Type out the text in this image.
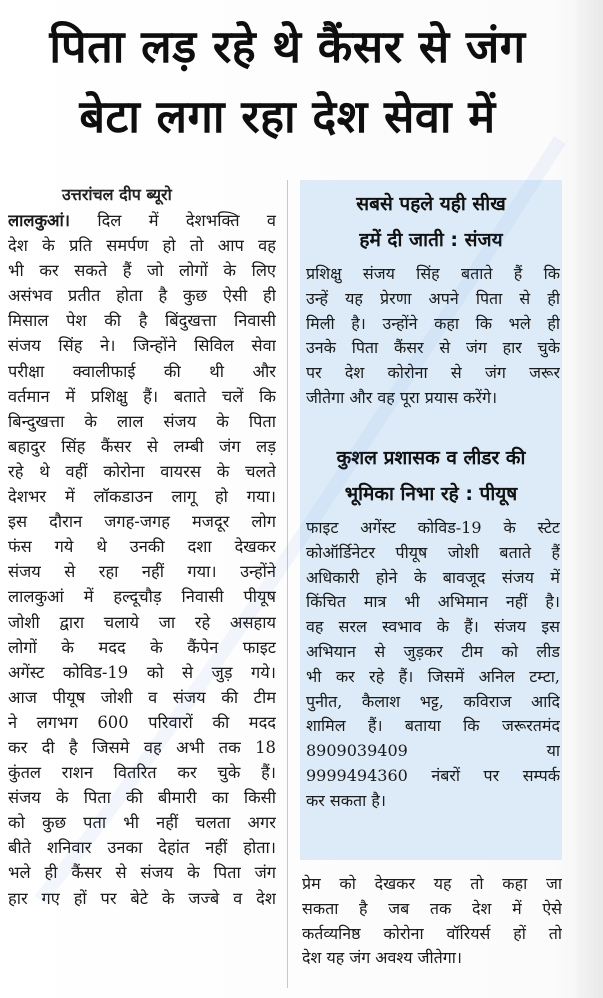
पिता लड़ रहे थे कैंसर से जंग
बेटा लगा रहा देश सेवा में
उत्तरांचल दीप ब्यूरो
लालकुआं। दिल में देशभक्ति व
देश के प्रति समर्पण हो तो आप वह
भी कर सकते हैं जो लोगों के लिए
असंभव प्रतीत होता है कुछ ऐसी ही
मिसाल पेश की है बिंदुखत्ता निवासी
संजय सिंह ने। जिन्होंने सिविल सेवा
परीक्षा क्वालीफाई की थी और
वर्तमान में प्रशिक्षु हैं। बताते चलें कि
बिन्दुखत्ता के लाल संजय के पिता
बहादुर सिंह कैंसर से लम्बी जंग लड़
रहे थे वहीं कोरोना वायरस के चलते
देशभर में लॉकडाउन लागू हो गया।
इस दौरान जगह-जगह मजदूर लोग
फंस गये थे उनकी दशा देखकर
संजय से रहा नहीं गया। उन्होंने
लालकुआं में हल्दूचौड़ निवासी पीयूष
जोशी द्वारा चलाये जा रहे असहाय
लोगों के मदद के कैंपेन फाइट
अगेंस्ट कोविड-19 को से जुड़ गये।
आज पीयूष जोशी व संजय की टीम
ने लगभग 600 परिवारों की मदद
कर दी है जिसमे वह अभी तक 18
कुंतल राशन वितरित कर चुके हैं।
संजय के पिता की बीमारी का किसी
को कुछ पता भी नहीं चलता अगर
बीते शनिवार उनका देहांत नहीं होता।
भले ही कैंसर से संजय के पिता जंग
हार गए हों पर बेटे के जज्बे व देश
सबसे पहले यही सीख
हमें दी जाती : संजय
प्रशिक्षु संजय सिंह बताते हैं कि
उन्हें यह प्रेरणा अपने पिता से ही
मिली है। उन्होंने कहा कि भले ही
उनके पिता कैंसर से जंग हार चुके
पर देश कोरोना से जंग जरूर
जीतेगा और वह पूरा प्रयास करेंगे।
कुशल प्रशासक व लीडर की
भूमिका निभा रहे : पीयूष
फाइट अगेंस्ट कोविड-19 के स्टेट
कोऑर्डिनेटर पीयूष जोशी बताते हैं
अधिकारी होने के बावजूद संजय में
किंचित मात्र भी अभिमान नहीं है।
वह सरल स्वभाव के हैं। संजय इस
अभियान से जुड़कर टीम को लीड
भी कर रहे हैं। जिसमें अनिल टम्टा,
पुनीत, कैलाश भट्ट, कविराज आदि
शामिल हैं। बताया कि जरूरतमंद
8909039409          या
9999494360 नंबरों पर सम्पर्क
कर सकता है।
प्रेम को देखकर यह तो कहा जा
सकता है जब तक देश में ऐसे
कर्तव्यनिष्ठ कोरोना वॉरियर्स हों तो
देश यह जंग अवश्य जीतेगा।
